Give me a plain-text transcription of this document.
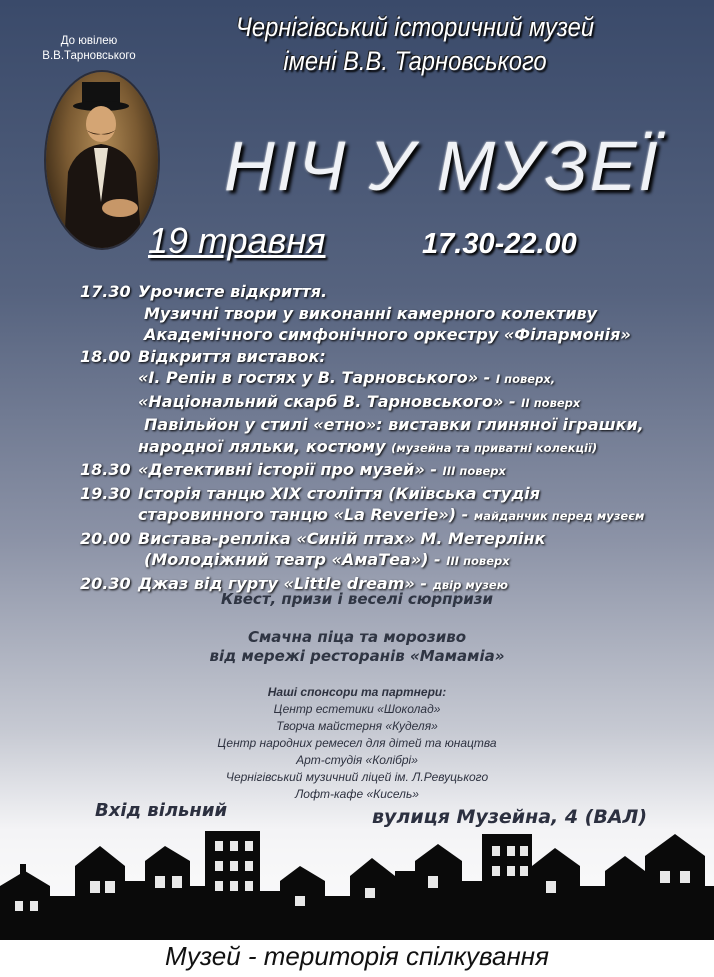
До ювілею
В.В.Тарновського
Чернігівський історичний музей
імені В.В. Тарновського
НІЧ У МУЗЕЇ
19 травня	17.30-22.00
17.30 Урочисте відкриття.
Музичні твори у виконанні камерного колективу
Академічного симфонічного оркестру «Філармонія»
18.00 Відкриття виставок:
«І. Репін в гостях у В. Тарновського» - І поверх,
«Національний скарб В. Тарновського» - ІІ поверх
Павільйон у стилі «етно»: виставки глиняної іграшки,
народної ляльки, костюму (музейна та приватні колекції)
18.30 «Детективні історії про музей» - ІІІ поверх
19.30 Історія танцю XIX століття (Київська студія
старовинного танцю «La Reverie») - майданчик перед музеєм
20.00 Вистава-репліка «Синій птах» М. Метерлінк
(Молодіжний театр «АмаТеа») - ІІІ поверх
20.30 Джаз від гурту «Little dream» - двір музею
Квест, призи і веселі сюрпризи
Смачна піца та морозиво
від мережі ресторанів «Мамаміа»
Наші спонсори та партнери:
Центр естетики «Шоколад»
Творча майстерня «Куделя»
Центр народних ремесел для дітей та юнацтва
Арт-студія «Колібрі»
Чернігівський музичний ліцей ім. Л.Ревуцького
Лофт-кафе «Кисель»
Вхід вільний	вулиця Музейна, 4 (ВАЛ)
Музей - територія спілкування
